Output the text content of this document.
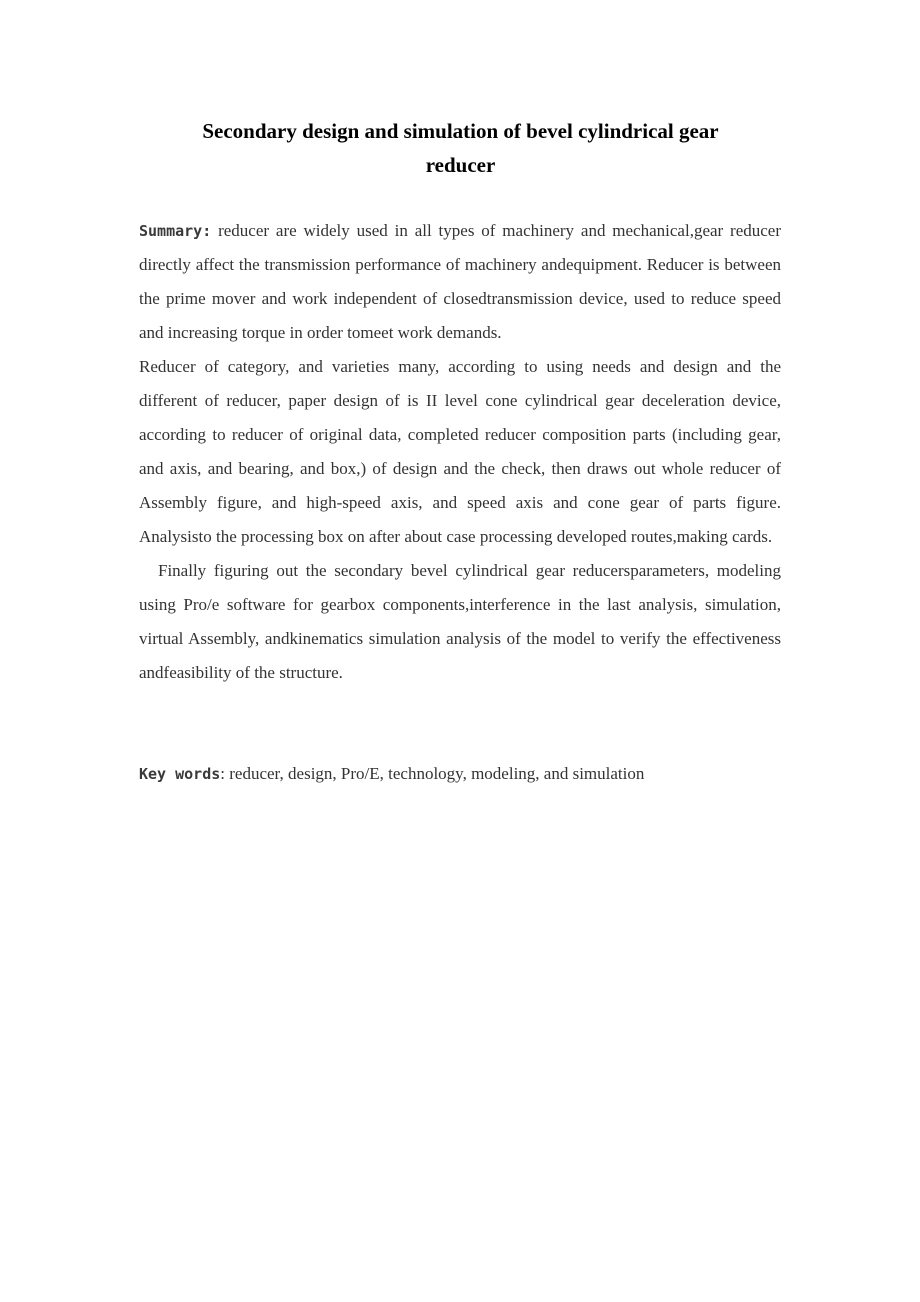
Secondary design and simulation of bevel cylindrical gear
reducer

Summary: reducer are widely used in all types of machinery and mechanical,gear reducer directly affect the transmission performance of machinery andequipment. Reducer is between the prime mover and work independent of closedtransmission device, used to reduce speed and increasing torque in order tomeet work demands.

Reducer of category, and varieties many, according to using needs and design and the different of reducer, paper design of is II level cone cylindrical gear deceleration device, according to reducer of original data, completed reducer composition parts (including gear, and axis, and bearing, and box,) of design and the check, then draws out whole reducer of Assembly figure, and high-speed axis, and speed axis and cone gear of parts figure. Analysisto the processing box on after about case processing developed routes,making cards.

Finally figuring out the secondary bevel cylindrical gear reducersparameters, modeling using Pro/e software for gearbox components,interference in the last analysis, simulation, virtual Assembly, andkinematics simulation analysis of the model to verify the effectiveness andfeasibility of the structure.

Key words: reducer, design, Pro/E, technology, modeling, and simulation
